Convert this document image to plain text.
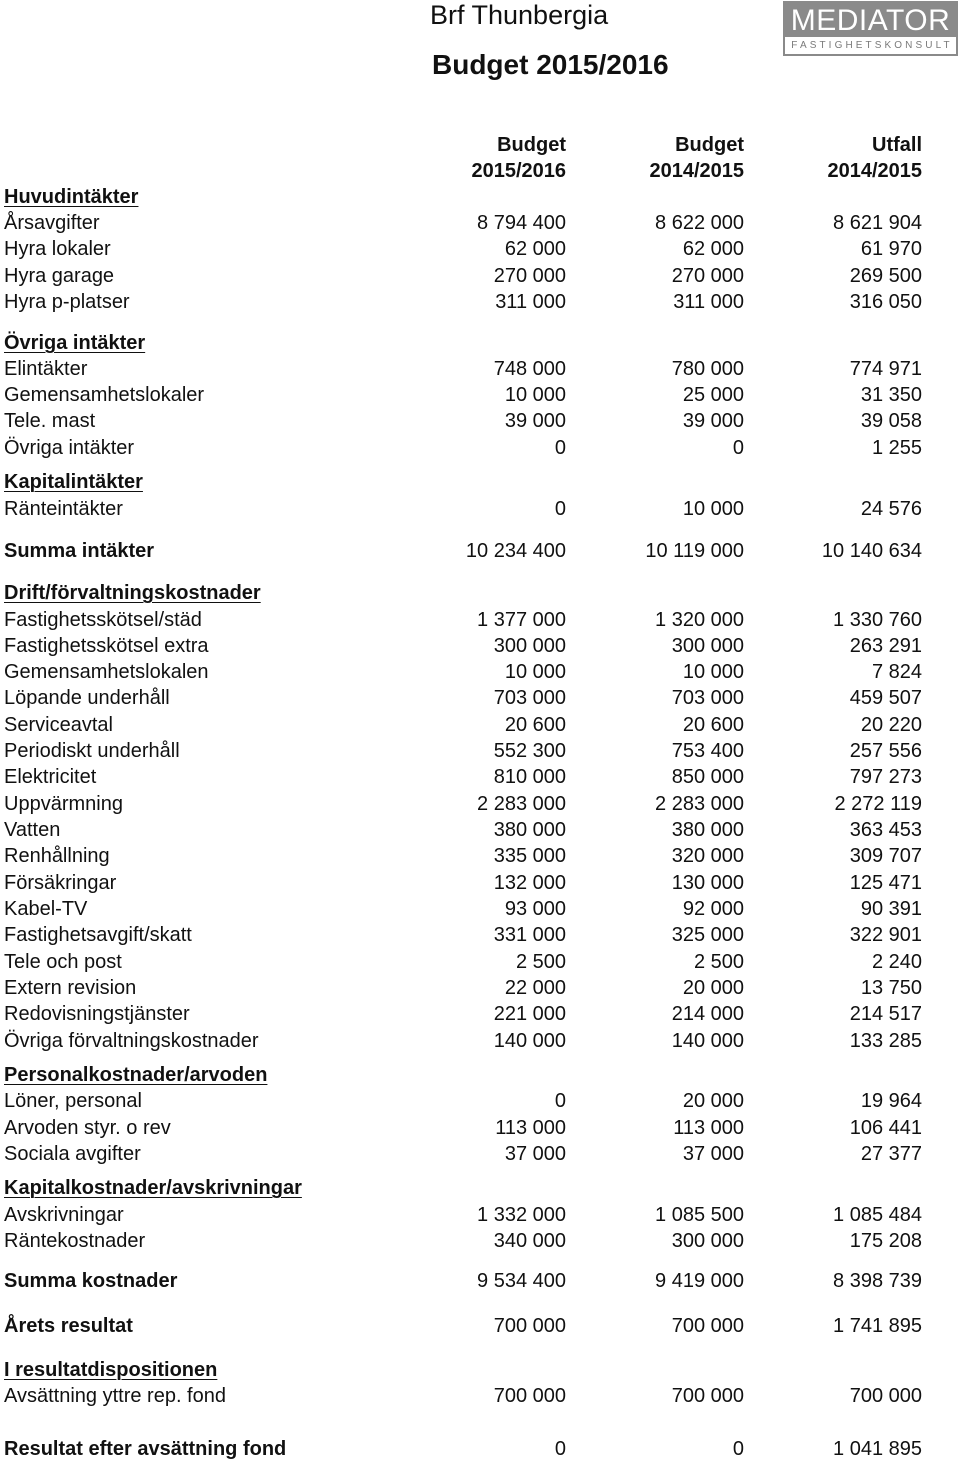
Brf Thunbergia
Budget 2015/2016
MEDIATOR
FASTIGHETSKONSULT
Budget	Budget	Utfall
2015/2016	2014/2015	2014/2015
Huvudintäkter
Årsavgifter	8 794 400	8 622 000	8 621 904
Hyra lokaler	62 000	62 000	61 970
Hyra garage	270 000	270 000	269 500
Hyra p-platser	311 000	311 000	316 050
Övriga intäkter
Elintäkter	748 000	780 000	774 971
Gemensamhetslokaler	10 000	25 000	31 350
Tele. mast	39 000	39 000	39 058
Övriga intäkter	0	0	1 255
Kapitalintäkter
Ränteintäkter	0	10 000	24 576
Summa intäkter	10 234 400	10 119 000	10 140 634
Drift/förvaltningskostnader
Fastighetsskötsel/städ	1 377 000	1 320 000	1 330 760
Fastighetsskötsel extra	300 000	300 000	263 291
Gemensamhetslokalen	10 000	10 000	7 824
Löpande underhåll	703 000	703 000	459 507
Serviceavtal	20 600	20 600	20 220
Periodiskt underhåll	552 300	753 400	257 556
Elektricitet	810 000	850 000	797 273
Uppvärmning	2 283 000	2 283 000	2 272 119
Vatten	380 000	380 000	363 453
Renhållning	335 000	320 000	309 707
Försäkringar	132 000	130 000	125 471
Kabel-TV	93 000	92 000	90 391
Fastighetsavgift/skatt	331 000	325 000	322 901
Tele och post	2 500	2 500	2 240
Extern revision	22 000	20 000	13 750
Redovisningstjänster	221 000	214 000	214 517
Övriga förvaltningskostnader	140 000	140 000	133 285
Personalkostnader/arvoden
Löner, personal	0	20 000	19 964
Arvoden styr. o rev	113 000	113 000	106 441
Sociala avgifter	37 000	37 000	27 377
Kapitalkostnader/avskrivningar
Avskrivningar	1 332 000	1 085 500	1 085 484
Räntekostnader	340 000	300 000	175 208
Summa kostnader	9 534 400	9 419 000	8 398 739
Årets resultat	700 000	700 000	1 741 895
I resultatdispositionen
Avsättning yttre rep. fond	700 000	700 000	700 000
Resultat efter avsättning fond	0	0	1 041 895
